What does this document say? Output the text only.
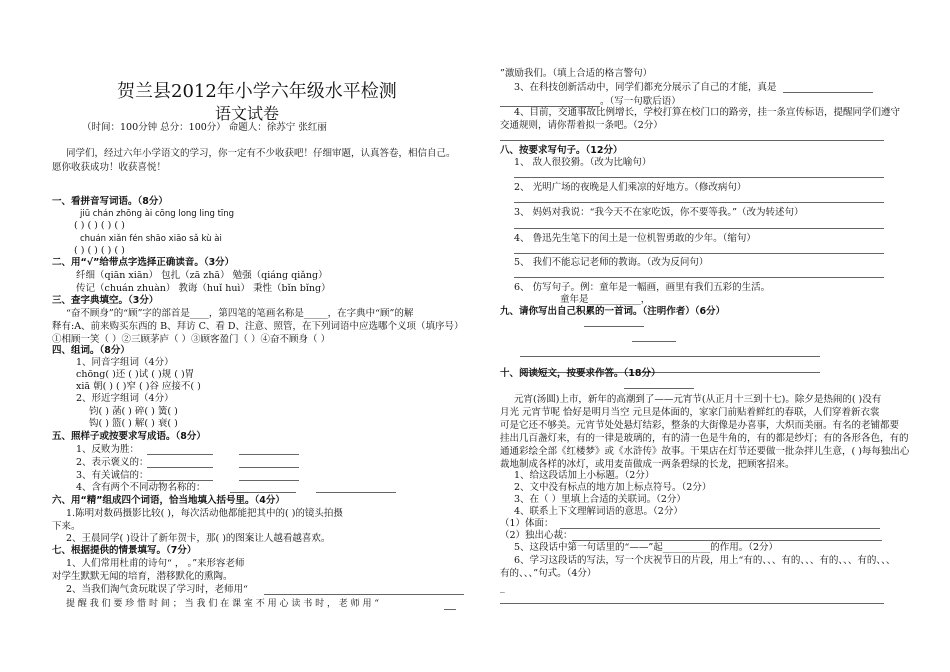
贺兰县2012年小学六年级水平检测
语文试卷
（时间：100分钟 总分：100分） 命题人：徐苏宁 张红丽
同学们，经过六年小学语文的学习，你一定有不少收获吧！仔细审题，认真答卷，相信自己。
愿你收获成功！收获喜悦！
一、看拼音写词语。（8分）
jiū chán zhōng ài cōng long ling tīng
( ) ( ) ( ) ( )
chuán xiǎn fén shāo xiāo sǎ kù ài
( ) ( ) ( ) ( )
二、用“√”给带点字选择正确读音。（3分）
纤细（qiān xiān） 包扎（zā zhā） 勉强（qiáng qiǎng）
传记（chuán zhuàn） 教诲（huǐ huì） 秉性（bǐn bǐng）
三、查字典填空。（3分）
“奋不顾身”的“顾”字的部首是____，第四笔的笔画名称是_____，在字典中“顾”的解
释有:A、前来购买东西的 B、拜访 C、看 D、注意、照管，在下列词语中应选哪个义项（填序号）
①相顾一笑（ ）②三顾茅庐（ ）③顾客盈门（ ）④奋不顾身（ ）
四、组词。（8分）
1、同音字组词（4分）
chōng( )还 ( )试 ( )规 ( )胃
xiā 朝( ) ( )窄 ( )谷 应接不( )
2、形近字组词（4分）
钧( ) 菡( ) 碎( ) 簧( )
钩( ) 篮( ) 解( ) 衰( )
五、照样子或按要求写成语。（8分）
1、反败为胜：
2、表示褒义的：
3、有关诚信的：
4、含有两个不同动物名称的：
六、用“精”组成四个词语，恰当地填入括号里。（4分）
1.陈明对数码摄影比较( )，每次活动他都能把其中的( )的镜头拍摄
下来。
2、王晨同学( )设计了新年贺卡，那( )的图案让人越看越喜欢。
七、根据提供的情景填写。（7分）
1、人们常用杜甫的诗句“ ， 。”来形容老师
对学生默默无闻的培育，潜移默化的熏陶。
2、当我们淘气贪玩耽误了学习时，老师用“
提 醒 我 们 要 珍 惜 时 间 ； 当 我 们 在 课 室 不 用 心 读 书 时 ， 老 师 用 “
”激励我们。（填上合适的格言警句）
3、在科技创新活动中，同学们都充分展示了自己的才能，真是
。（写一句歇后语）
4、目前，交通事故比例增长，学校打算在校门口的路旁，挂一条宣传标语，提醒同学们遵守
交通规则，请你帮着拟一条吧。（2分）
八、按要求写句子。（12分）
1、 敌人很狡猾。（改为比喻句）
2、 光明广场的夜晚是人们乘凉的好地方。（修改病句）
3、 妈妈对我说：“我今天不在家吃饭，你不要等我。”（改为转述句）
4、 鲁迅先生笔下的闰土是一位机智勇敢的少年。（缩句）
5、 我们不能忘记老师的教诲。（改为反问句）
6、 仿写句子。例：童年是一幅画，画里有我们五彩的生活。
童年是___________，
九、请你写出自己积累的一首词。（注明作者）（6分）
十、阅读短文，按要求作答。（18分）
元宵(汤圆)上市，新年的高潮到了——元宵节(从正月十三到十七)。除夕是热闹的( )没有
月光 元宵节呢 恰好是明月当空 元旦是体面的，家家门前贴着鲜红的春联，人们穿着新衣裳
可是它还不够美。元宵节处处悬灯结彩，整条的大街像是办喜事，大炽而美丽。有名的老铺都要
挂出几百盏灯来，有的一律是玻璃的，有的清一色是牛角的，有的都是纱灯；有的各形各色，有的
通通彩绘全部《红楼梦》或《水浒传》故事。干果店在灯节还要做一批杂拌儿生意，( )每每独出心
裁地制成各样的冰灯，或用麦苗做成一两条碧绿的长龙，把顾客招来。
1、给这段话加上小标题。（2分）
2、文中没有标点的地方加上标点符号。（2分）
3、在（ ）里填上合适的关联词。（2分）
4、联系上下文理解词语的意思。（2分）
（1）体面：
（2）独出心裁：
5、这段话中第一句话里的“——”起__________的作用。（2分）
6、学习这段话的写法，写一个庆祝节日的片段，用上“有的、、、有的、、、有的、、、有的、、、
有的、、、”句式。（4分）
_
